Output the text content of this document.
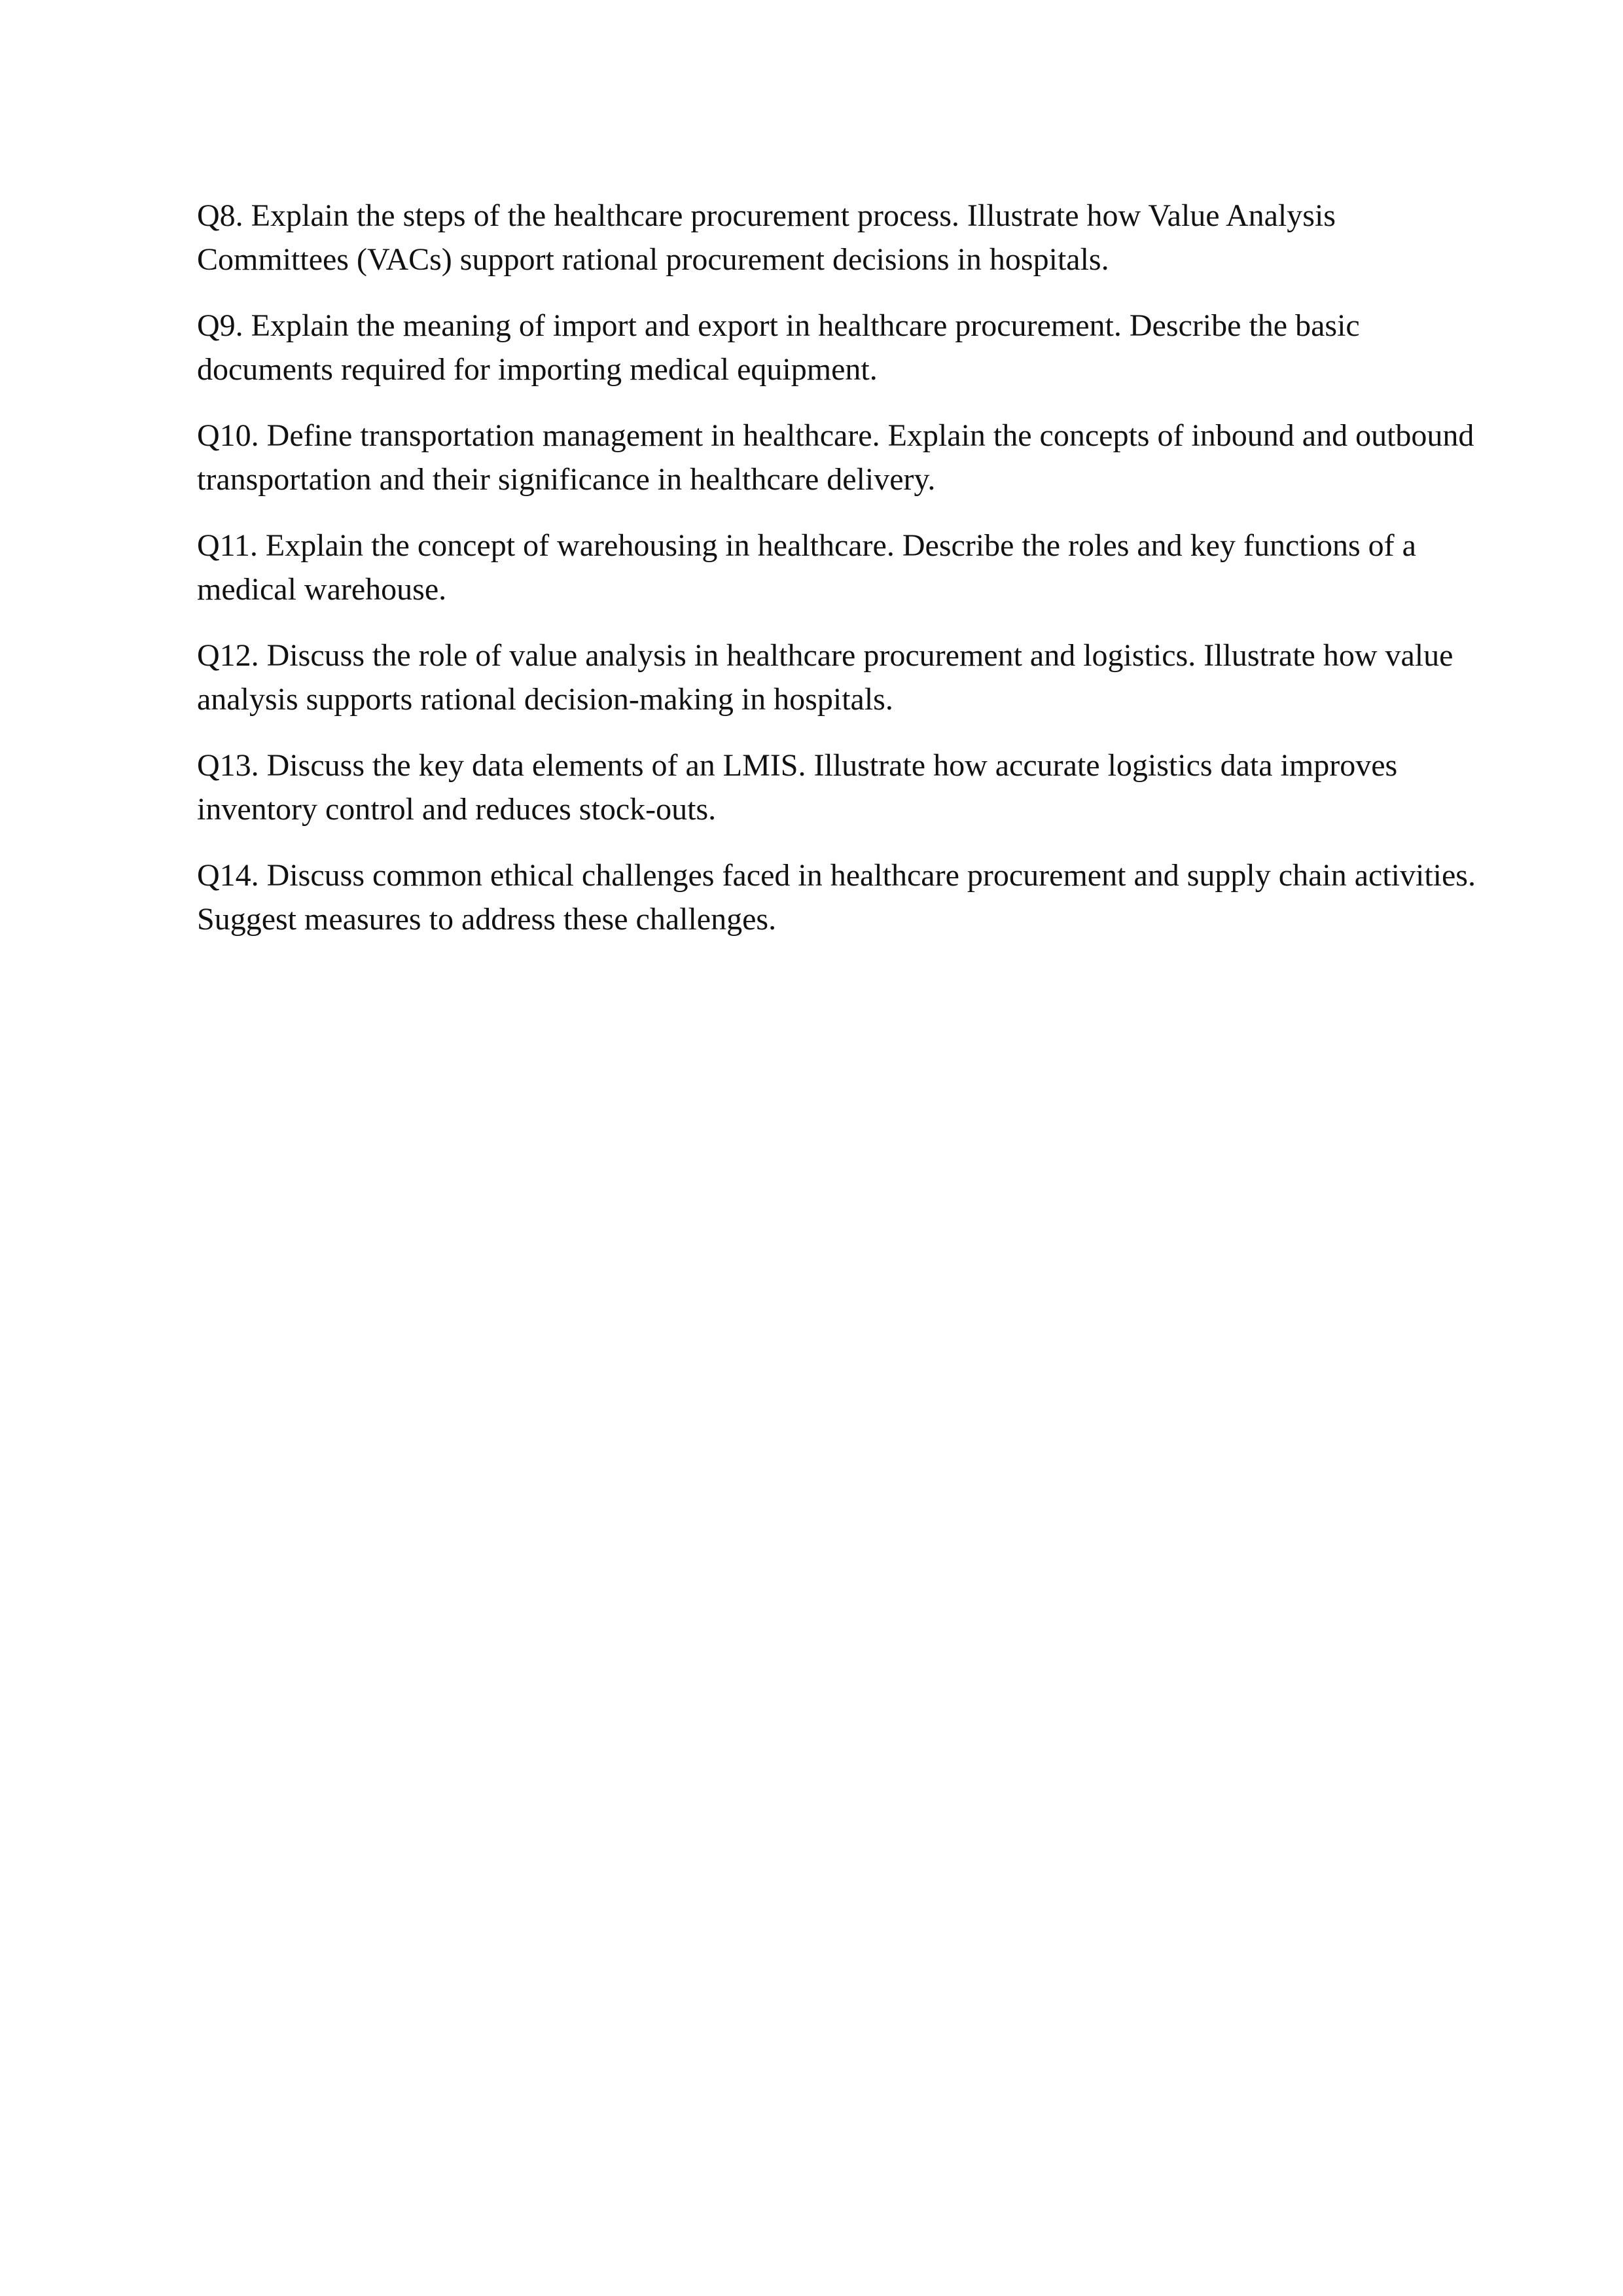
Q8. Explain the steps of the healthcare procurement process. Illustrate how Value Analysis Committees (VACs) support rational procurement decisions in hospitals.

Q9. Explain the meaning of import and export in healthcare procurement. Describe the basic documents required for importing medical equipment.

Q10. Define transportation management in healthcare. Explain the concepts of inbound and outbound transportation and their significance in healthcare delivery.

Q11. Explain the concept of warehousing in healthcare. Describe the roles and key functions of a medical warehouse.

Q12. Discuss the role of value analysis in healthcare procurement and logistics. Illustrate how value analysis supports rational decision-making in hospitals.

Q13. Discuss the key data elements of an LMIS. Illustrate how accurate logistics data improves inventory control and reduces stock-outs.

Q14. Discuss common ethical challenges faced in healthcare procurement and supply chain activities. Suggest measures to address these challenges.
